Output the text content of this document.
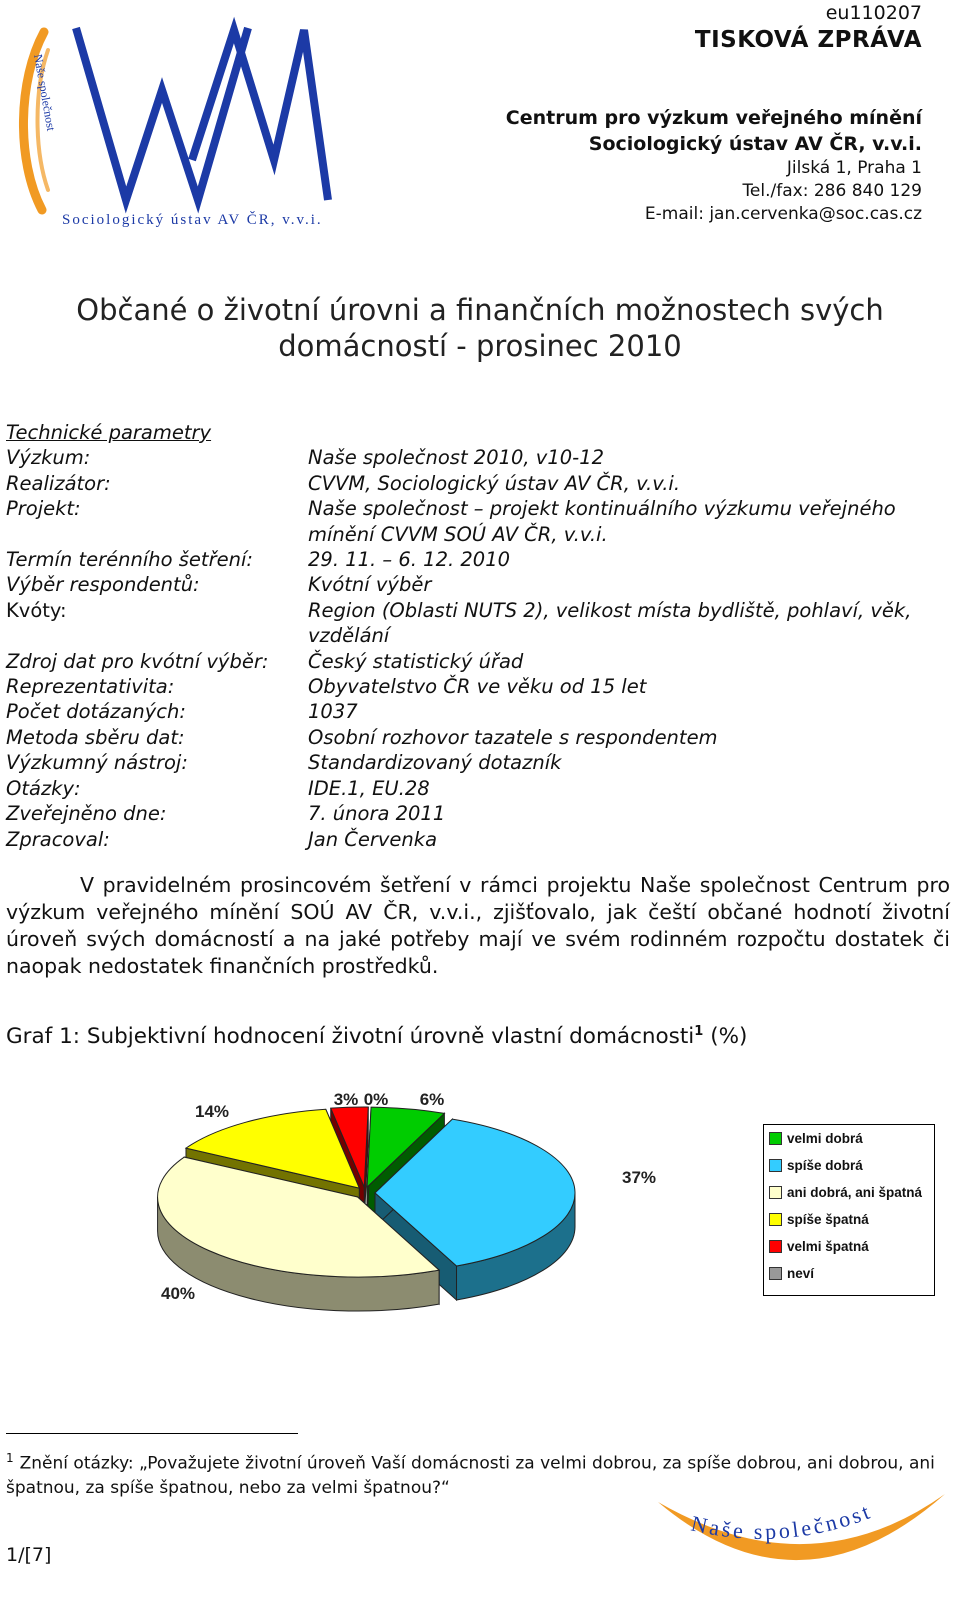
Sociologický ústav AV ČR, v.v.i.
Naše společnost
eu110207
TISKOVÁ ZPRÁVA
Centrum pro výzkum veřejného mínění
Sociologický ústav AV ČR, v.v.i.
Jilská 1, Praha 1
Tel./fax: 286 840 129
E-mail: jan.cervenka@soc.cas.cz
Občané o životní úrovni a finančních možnostech svých
domácností - prosinec 2010
Technické parametry
Výzkum:	Naše společnost 2010, v10-12
Realizátor:	CVVM, Sociologický ústav AV ČR, v.v.i.
Projekt:	Naše společnost – projekt kontinuálního výzkumu veřejného mínění CVVM SOÚ AV ČR, v.v.i.
Termín terénního šetření:	29. 11. – 6. 12. 2010
Výběr respondentů:	Kvótní výběr
Kvóty:	Region (Oblasti NUTS 2), velikost místa bydliště, pohlaví, věk, vzdělání
Zdroj dat pro kvótní výběr:	Český statistický úřad
Reprezentativita:	Obyvatelstvo ČR ve věku od 15 let
Počet dotázaných:	1037
Metoda sběru dat:	Osobní rozhovor tazatele s respondentem
Výzkumný nástroj:	Standardizovaný dotazník
Otázky:	IDE.1, EU.28
Zveřejněno dne:	7. února 2011
Zpracoval:	Jan Červenka
V pravidelném prosincovém šetření v rámci projektu Naše společnost Centrum pro výzkum veřejného mínění SOÚ AV ČR, v.v.i., zjišťovalo, jak čeští občané hodnotí životní úroveň svých domácností a na jaké potřeby mají ve svém rodinném rozpočtu dostatek či naopak nedostatek finančních prostředků.
Graf 1: Subjektivní hodnocení životní úrovně vlastní domácnosti$^1$ (%)
6%
37%
40%
14%
3% 0%
velmi dobrá
spíše dobrá
ani dobrá, ani špatná
spíše špatná
velmi špatná
neví
$^1$ Znění otázky: „Považujete životní úroveň Vaší domácnosti za velmi dobrou, za spíše dobrou, ani dobrou, ani špatnou, za spíše špatnou, nebo za velmi špatnou?“
1/[7]
Naše společnost
